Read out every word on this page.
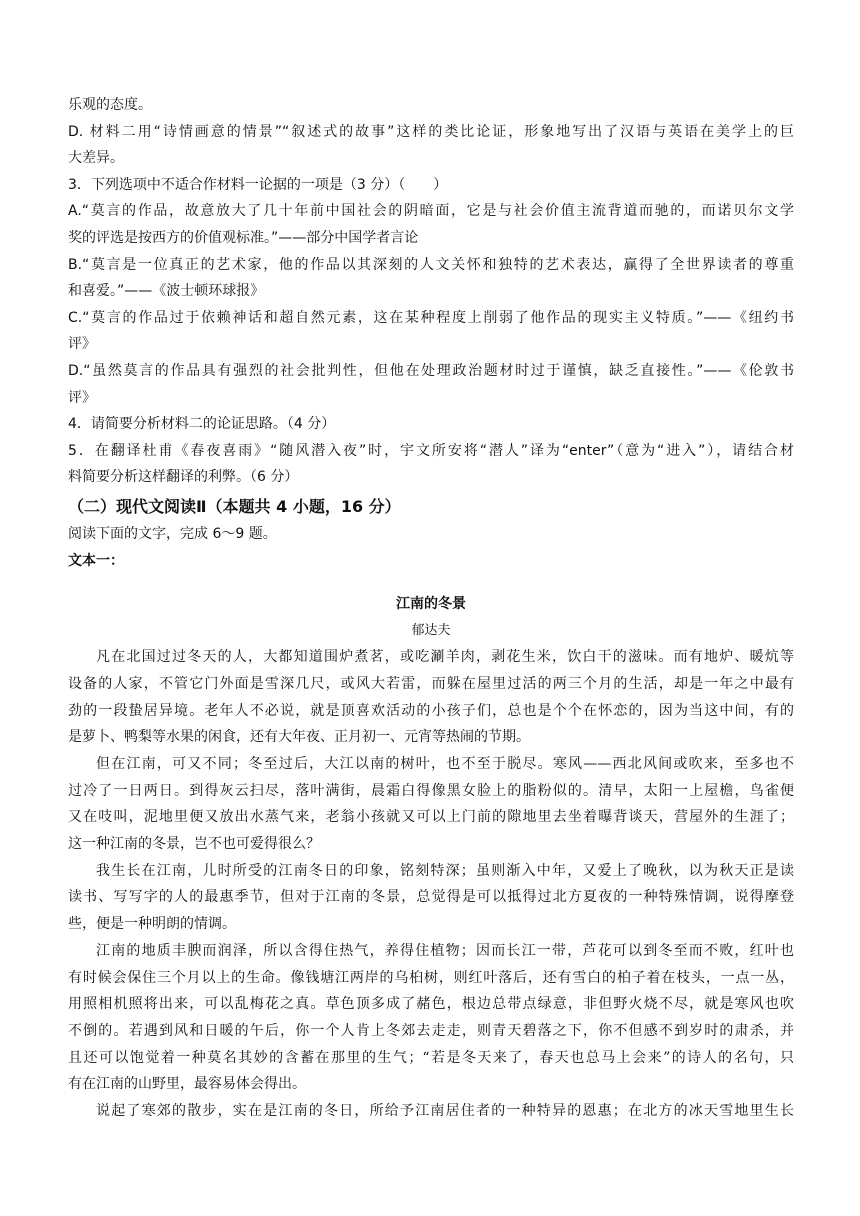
乐观的态度。
D. 材料二用“诗情画意的情景”“叙述式的故事”这样的类比论证，形象地写出了汉语与英语在美学上的巨
大差异。
3．下列选项中不适合作材料一论据的一项是（3 分）（　　）
A.“莫言的作品，故意放大了几十年前中国社会的阴暗面，它是与社会价值主流背道而驰的，而诺贝尔文学
奖的评选是按西方的价值观标准。”——部分中国学者言论
B.“莫言是一位真正的艺术家，他的作品以其深刻的人文关怀和独特的艺术表达，赢得了全世界读者的尊重
和喜爱。”——《波士顿环球报》
C.“莫言的作品过于依赖神话和超自然元素，这在某种程度上削弱了他作品的现实主义特质。”——《纽约书
评》
D.“虽然莫言的作品具有强烈的社会批判性，但他在处理政治题材时过于谨慎，缺乏直接性。”——《伦敦书
评》
4．请简要分析材料二的论证思路。（4 分）
5．在翻译杜甫《春夜喜雨》“随风潜入夜”时，宇文所安将“潜人”译为“enter”（意为“进入”），请结合材
料简要分析这样翻译的利弊。（6 分）
（二）现代文阅读Ⅱ（本题共 4 小题，16 分）
阅读下面的文字，完成 6～9 题。
文本一：
江南的冬景
郁达夫
凡在北国过过冬天的人，大都知道围炉煮茗，或吃涮羊肉，剥花生米，饮白干的滋味。而有地炉、暖炕等
设备的人家，不管它门外面是雪深几尺，或风大若雷，而躲在屋里过活的两三个月的生活，却是一年之中最有
劲的一段蛰居异境。老年人不必说，就是顶喜欢活动的小孩子们，总也是个个在怀恋的，因为当这中间，有的
是萝卜、鸭梨等水果的闲食，还有大年夜、正月初一、元宵等热闹的节期。
但在江南，可又不同；冬至过后，大江以南的树叶，也不至于脱尽。寒风——西北风间或吹来，至多也不
过冷了一日两日。到得灰云扫尽，落叶满街，晨霜白得像黑女脸上的脂粉似的。清早，太阳一上屋檐，鸟雀便
又在吱叫，泥地里便又放出水蒸气来，老翁小孩就又可以上门前的隙地里去坐着曝背谈天，营屋外的生涯了；
这一种江南的冬景，岂不也可爱得很么？
我生长在江南，儿时所受的江南冬日的印象，铭刻特深；虽则渐入中年，又爱上了晚秋，以为秋天正是读
读书、写写字的人的最惠季节，但对于江南的冬景，总觉得是可以抵得过北方夏夜的一种特殊情调，说得摩登
些，便是一种明朗的情调。
江南的地质丰腴而润泽，所以含得住热气，养得住植物；因而长江一带，芦花可以到冬至而不败，红叶也
有时候会保住三个月以上的生命。像钱塘江两岸的乌桕树，则红叶落后，还有雪白的柏子着在枝头，一点一丛，
用照相机照将出来，可以乱梅花之真。草色顶多成了赭色，根边总带点绿意，非但野火烧不尽，就是寒风也吹
不倒的。若遇到风和日暖的午后，你一个人肯上冬郊去走走，则青天碧落之下，你不但感不到岁时的肃杀，并
且还可以饱觉着一种莫名其妙的含蓄在那里的生气；“若是冬天来了，春天也总马上会来”的诗人的名句，只
有在江南的山野里，最容易体会得出。
说起了寒郊的散步，实在是江南的冬日，所给予江南居住者的一种特异的恩惠；在北方的冰天雪地里生长
